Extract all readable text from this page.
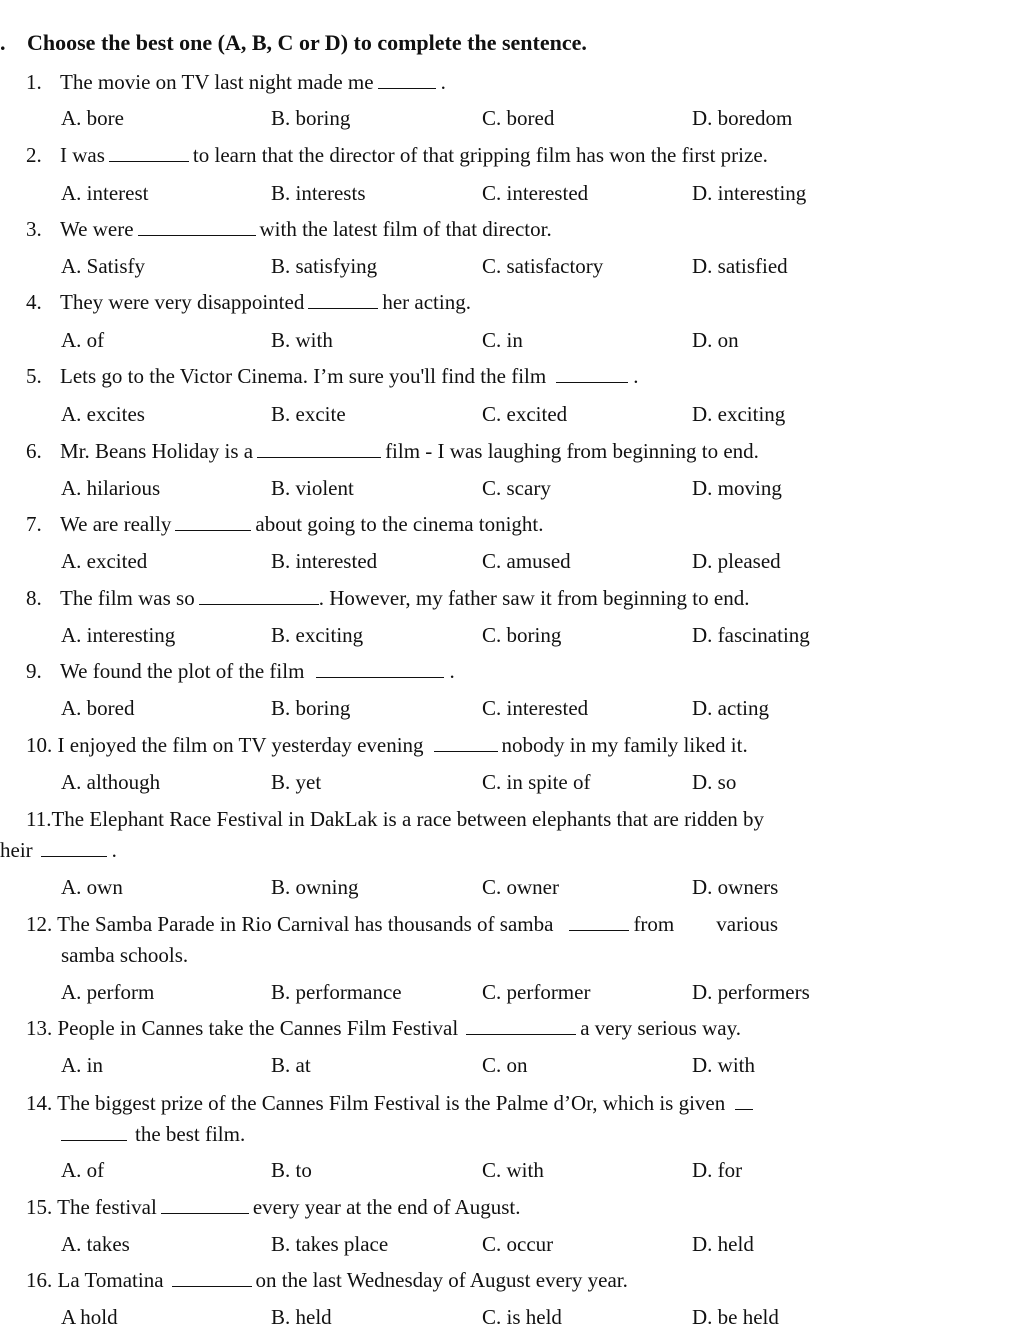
. Choose the best one (A, B, C or D) to complete the sentence.
1. The movie on TV last night made me	.
A. bore	B. boring	C. bored	D. boredom
2. I was	to learn that the director of that gripping film has won the first prize.
A. interest	B. interests	C. interested	D. interesting
3. We were	with the latest film of that director.
A. Satisfy	B. satisfying	C. satisfactory	D. satisfied
4. They were very disappointed	her acting.
A. of	B. with	C. in	D. on
5. Lets go to the Victor Cinema. I’m sure you'll find the film	.
A. excites	B. excite	C. excited	D. exciting
6. Mr. Beans Holiday is a	film - I was laughing from beginning to end.
A. hilarious	B. violent	C. scary	D. moving
7. We are really	about going to the cinema tonight.
A. excited	B. interested	C. amused	D. pleased
8. The film was so	. However, my father saw it from beginning to end.
A. interesting	B. exciting	C. boring	D. fascinating
9. We found the plot of the film	.
A. bored	B. boring	C. interested	D. acting
10. I enjoyed the film on TV yesterday evening	nobody in my family liked it.
A. although	B. yet	C. in spite of	D. so
11.The Elephant Race Festival in DakLak is a race between elephants that are ridden by
heir	.
A. own	B. owning	C. owner	D. owners
12. The Samba Parade in Rio Carnival has thousands of samba	from        various
samba schools.
A. perform	B. performance	C. performer	D. performers
13. People in Cannes take the Cannes Film Festival	a very serious way.
A. in	B. at	C. on	D. with
14. The biggest prize of the Cannes Film Festival is the Palme d’Or, which is given
the best film.
A. of	B. to	C. with	D. for
15. The festival	every year at the end of August.
A. takes	B. takes place	C. occur	D. held
16. La Tomatina	on the last Wednesday of August every year.
A hold	B. held	C. is held	D. be held
